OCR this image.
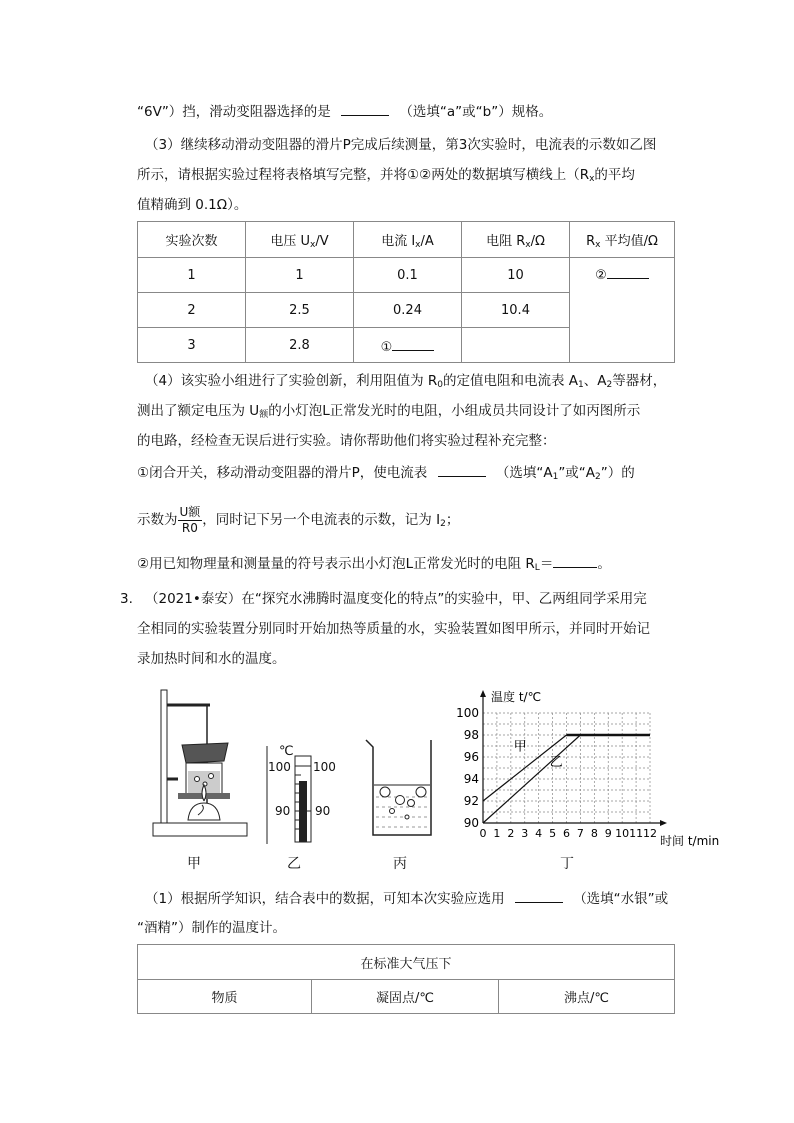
“6V”）挡，滑动变阻器选择的是	（选填“a”或“b”）规格。
（3）继续移动滑动变阻器的滑片P完成后续测量，第3次实验时，电流表的示数如乙图
所示，请根据实验过程将表格填写完整，并将①②两处的数据填写横线上（$R_x$的平均
值精确到 0.1Ω）。
实验次数	电压 $U_x/V$	电流 $I_x/A$	电阻 $R_x/\Omega$	$R_x$ 平均值/Ω
1	1	0.1	10	②
2	2.5	0.24	10.4	
3	2.8	①		
（4）该实验小组进行了实验创新，利用阻值为 $R_0$的定值电阻和电流表 $A_1$、$A_2$等器材，
测出了额定电压为 $U_额$的小灯泡L正常发光时的电阻，小组成员共同设计了如丙图所示
的电路，经检查无误后进行实验。请你帮助他们将实验过程补充完整：
①闭合开关，移动滑动变阻器的滑片P，使电流表	（选填“$A_1$”或“$A_2$”）的
示数为 $\frac{\text{U额}}{R0}$ ，同时记下另一个电流表的示数，记为 $I_2$；
②用已知物理量和测量量的符号表示出小灯泡L正常发光时的电阻 $R_L=$	。
3. （2021•泰安）在“探究水沸腾时温度变化的特点”的实验中，甲、乙两组同学采用完
全相同的实验装置分别同时开始加热等质量的水，实验装置如图甲所示，并同时开始记
录加热时间和水的温度。
℃
100 100
90 90
90
92
94
96
98
100
0 1 2 3 4 5 6 7 8 9 10 11 12
温度 t/℃
时间 t/min
甲
乙
甲	乙	丙	丁
（1）根据所学知识，结合表中的数据，可知本次实验应选用	（选填“水银”或
“酒精”）制作的温度计。
在标准大气压下
物质	凝固点/℃	沸点/℃
